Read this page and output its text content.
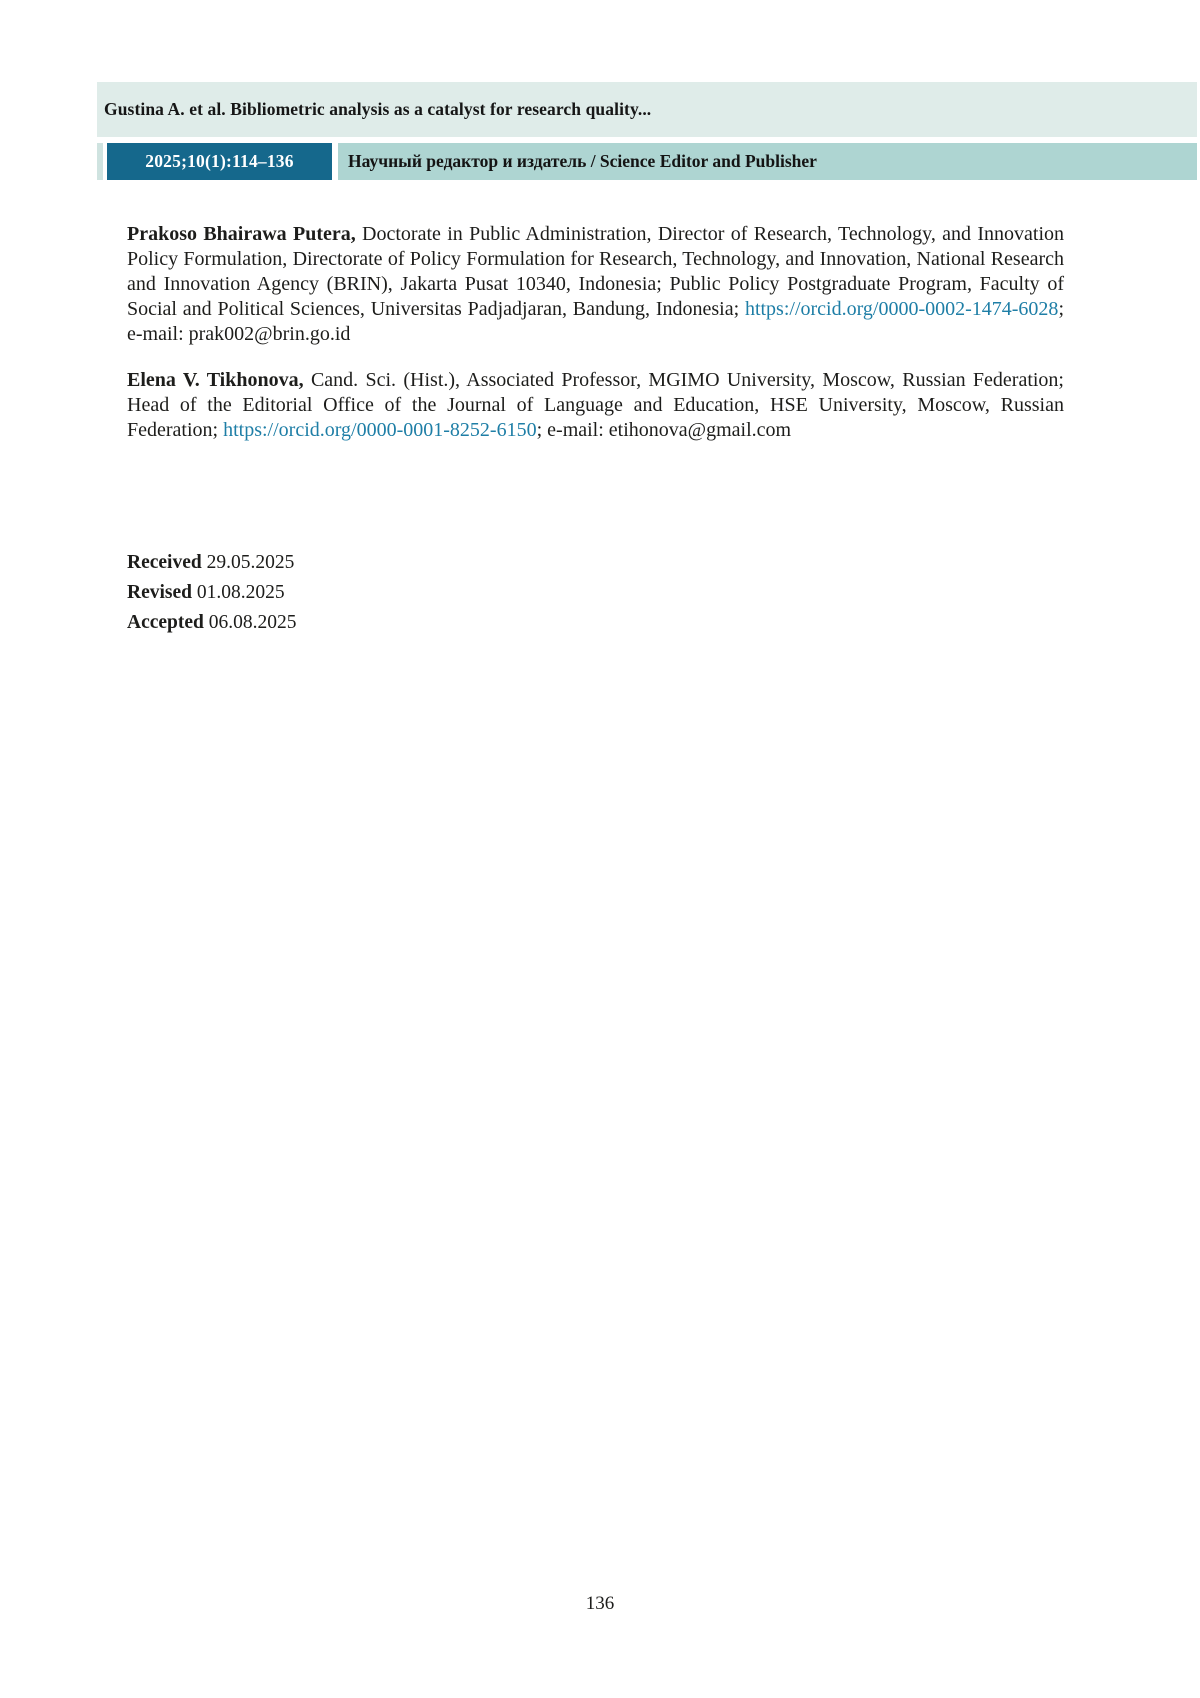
Gustina A. et al. Bibliometric analysis as a catalyst for research quality...
2025;10(1):114–136	Научный редактор и издатель / Science Editor and Publisher

Prakoso Bhairawa Putera, Doctorate in Public Administration, Director of Research, Technology, and Innovation Policy Formulation, Directorate of Policy Formulation for Research, Technology, and Innovation, National Research and Innovation Agency (BRIN), Jakarta Pusat 10340, Indonesia; Public Policy Postgraduate Program, Faculty of Social and Political Sciences, Universitas Padjadjaran, Bandung, Indonesia; https://orcid.org/0000-0002-1474-6028; e-mail: prak002@brin.go.id

Elena V. Tikhonova, Cand. Sci. (Hist.), Associated Professor, MGIMO University, Moscow, Russian Federation; Head of the Editorial Office of the Journal of Language and Education, HSE University, Moscow, Russian Federation; https://orcid.org/0000-0001-8252-6150; e-mail: etihonova@gmail.com

Received 29.05.2025
Revised 01.08.2025
Accepted 06.08.2025
136
